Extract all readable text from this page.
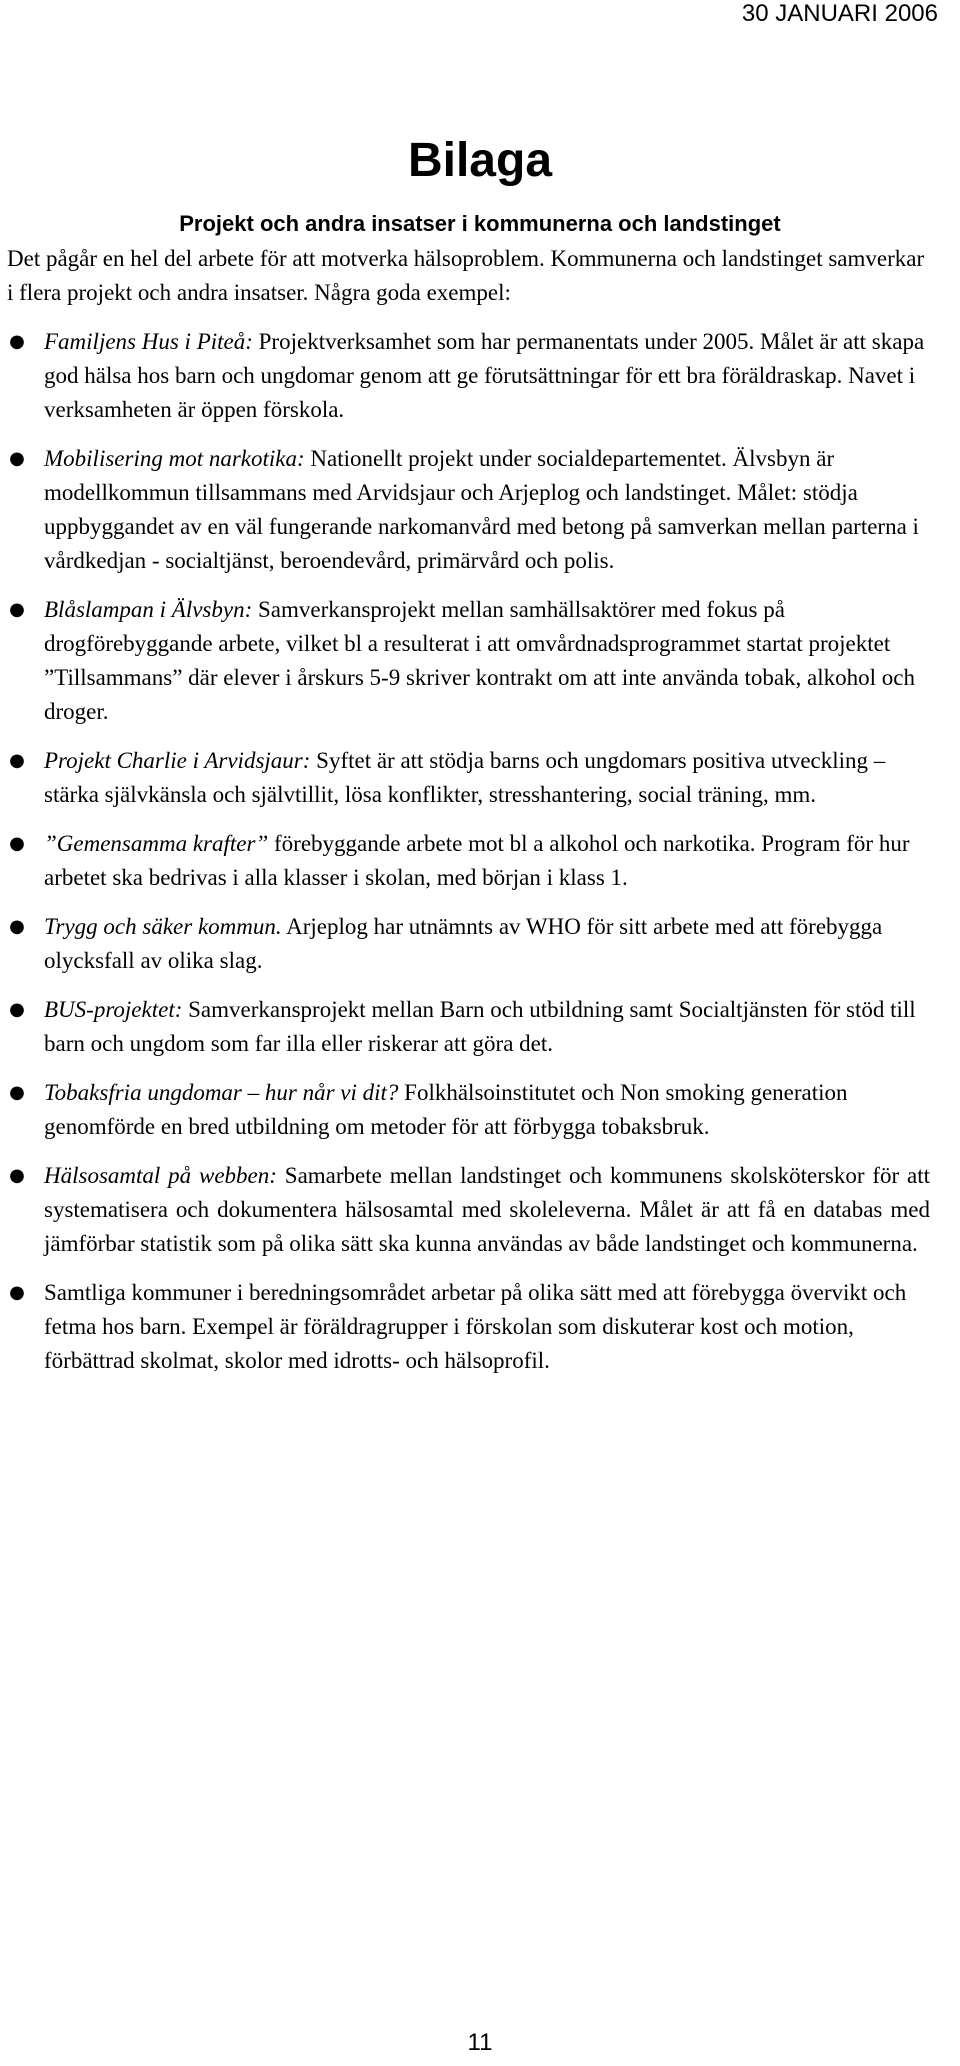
30 JANUARI 2006
Bilaga
Projekt och andra insatser i kommunerna och landstinget

Det pågår en hel del arbete för att motverka hälsoproblem. Kommunerna och landstinget samverkar i flera projekt och andra insatser. Några goda exempel:

● Familjens Hus i Piteå: Projektverksamhet som har permanentats under 2005. Målet är att skapa god hälsa hos barn och ungdomar genom att ge förutsättningar för ett bra föräldraskap. Navet i verksamheten är öppen förskola.
● Mobilisering mot narkotika: Nationellt projekt under socialdepartementet. Älvsbyn är modellkommun tillsammans med Arvidsjaur och Arjeplog och landstinget. Målet: stödja uppbyggandet av en väl fungerande narkomanvård med betong på samverkan mellan parterna i vårdkedjan - socialtjänst, beroendevård, primärvård och polis.
● Blåslampan i Älvsbyn: Samverkansprojekt mellan samhällsaktörer med fokus på drogförebyggande arbete, vilket bl a resulterat i att omvårdnadsprogrammet startat projektet ”Tillsammans” där elever i årskurs 5-9 skriver kontrakt om att inte använda tobak, alkohol och droger.
● Projekt Charlie i Arvidsjaur: Syftet är att stödja barns och ungdomars positiva utveckling – stärka självkänsla och självtillit, lösa konflikter, stresshantering, social träning, mm.
● ”Gemensamma krafter” förebyggande arbete mot bl a alkohol och narkotika. Program för hur arbetet ska bedrivas i alla klasser i skolan, med början i klass 1.
● Trygg och säker kommun. Arjeplog har utnämnts av WHO för sitt arbete med att förebygga olycksfall av olika slag.
● BUS-projektet: Samverkansprojekt mellan Barn och utbildning samt Socialtjänsten för stöd till barn och ungdom som far illa eller riskerar att göra det.
● Tobaksfria ungdomar – hur når vi dit? Folkhälsoinstitutet och Non smoking generation genomförde en bred utbildning om metoder för att förbygga tobaksbruk.
● Hälsosamtal på webben: Samarbete mellan landstinget och kommunens skolsköterskor för att systematisera och dokumentera hälsosamtal med skoleleverna. Målet är att få en databas med jämförbar statistik som på olika sätt ska kunna användas av både landstinget och kommunerna.
● Samtliga kommuner i beredningsområdet arbetar på olika sätt med att förebygga övervikt och fetma hos barn. Exempel är föräldragrupper i förskolan som diskuterar kost och motion, förbättrad skolmat, skolor med idrotts- och hälsoprofil.
11
